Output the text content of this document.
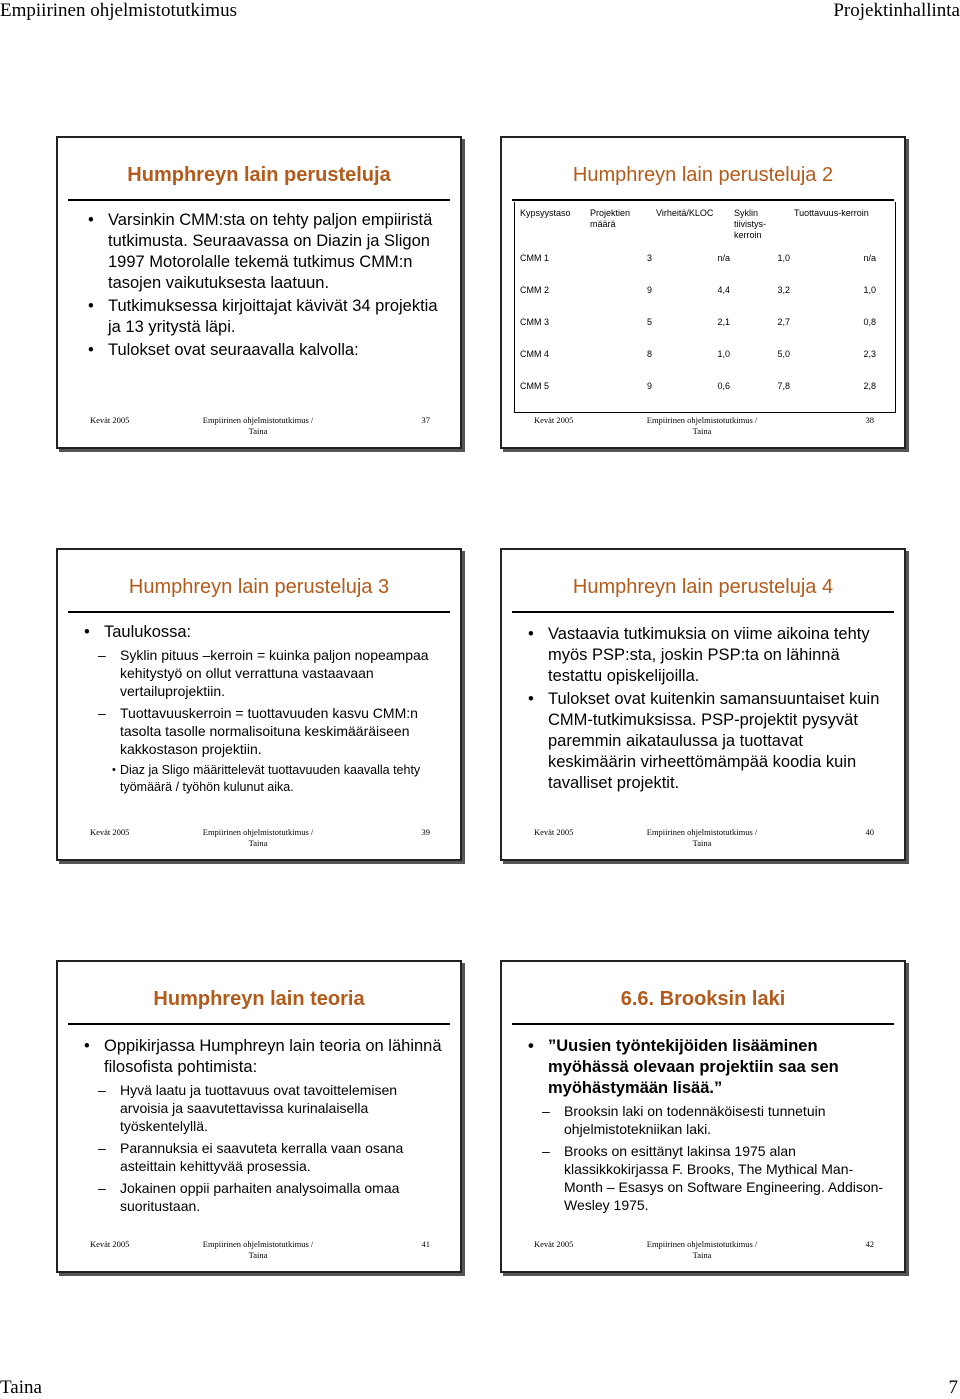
Empiirinen ohjelmistotutkimus	Projektinhallinta
Humphreyn lain perusteluja
• Varsinkin CMM:sta on tehty paljon empiiristä tutkimusta. Seuraavassa on Diazin ja Sligon 1997 Motorolalle tekemä tutkimus CMM:n tasojen vaikutuksesta laatuun.
• Tutkimuksessa kirjoittajat kävivät 34 projektia ja 13 yritystä läpi.
• Tulokset ovat seuraavalla kalvolla:
Kevät 2005	Empiirinen ohjelmistotutkimus / Taina
37
Humphreyn lain perusteluja 2
Kypsyystaso	Projektien määrä	Virheitä/KLOC	Syklin tiivistys-kerroin	Tuottavuus-kerroin
CMM 1	3	n/a	1,0	n/a
CMM 2	9	4,4	3,2	1,0
CMM 3	5	2,1	2,7	0,8
CMM 4	8	1,0	5,0	2,3
CMM 5	9	0,6	7,8	2,8
Kevät 2005	Empiirinen ohjelmistotutkimus / Taina
38
Humphreyn lain perusteluja 3
• Taulukossa:
– Syklin pituus –kerroin = kuinka paljon nopeampaa kehitystyö on ollut verrattuna vastaavaan vertailuprojektiin.
– Tuottavuuskerroin = tuottavuuden kasvu CMM:n tasolta tasolle normalisoituna keskimääräiseen kakkostason projektiin.
• Diaz ja Sligo määrittelevät tuottavuuden kaavalla tehty työmäärä / työhön kulunut aika.
Kevät 2005	Empiirinen ohjelmistotutkimus / Taina
39
Humphreyn lain perusteluja 4
• Vastaavia tutkimuksia on viime aikoina tehty myös PSP:sta, joskin PSP:ta on lähinnä testattu opiskelijoilla.
• Tulokset ovat kuitenkin samansuuntaiset kuin CMM-tutkimuksissa. PSP-projektit pysyvät paremmin aikataulussa ja tuottavat keskimäärin virheettömämpää koodia kuin tavalliset projektit.
Kevät 2005	Empiirinen ohjelmistotutkimus / Taina
40
Humphreyn lain teoria
• Oppikirjassa Humphreyn lain teoria on lähinnä filosofista pohtimista:
– Hyvä laatu ja tuottavuus ovat tavoittelemisen arvoisia ja saavutettavissa kurinalaisella työskentelyllä.
– Parannuksia ei saavuteta kerralla vaan osana asteittain kehittyvää prosessia.
– Jokainen oppii parhaiten analysoimalla omaa suoritustaan.
Kevät 2005	Empiirinen ohjelmistotutkimus / Taina
41
6.6. Brooksin laki
• ”Uusien työntekijöiden lisääminen myöhässä olevaan projektiin saa sen myöhästymään lisää.”
– Brooksin laki on todennäköisesti tunnetuin ohjelmistotekniikan laki.
– Brooks on esittänyt lakinsa 1975 alan klassikkokirjassa F. Brooks, The Mythical Man-Month – Esasys on Software Engineering. Addison-Wesley 1975.
Kevät 2005	Empiirinen ohjelmistotutkimus / Taina
42
Taina	7
